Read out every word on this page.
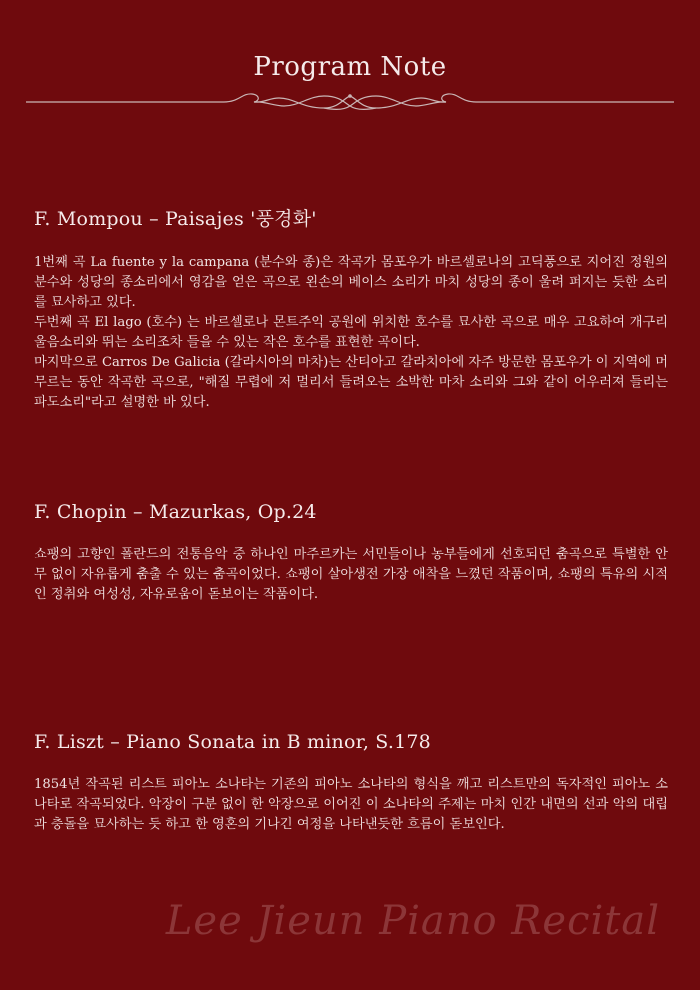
Program Note
F. Mompou – Paisajes '풍경화'

1번째 곡 La fuente y la campana (분수와 종)은 작곡가 몸포우가 바르셀로나의 고딕풍으로 지어진 정원의 분수와 성당의 종소리에서 영감을 얻은 곡으로 왼손의 베이스 소리가 마치 성당의 종이 울려 퍼지는 듯한 소리를 묘사하고 있다.

두번째 곡 El lago (호수) 는 바르셀로나 몬트주익 공원에 위치한 호수를 묘사한 곡으로 매우 고요하여 개구리울음소리와 뛰는 소리조차 들을 수 있는 작은 호수를 표현한 곡이다.

마지막으로 Carros De Galicia (갈라시아의 마차)는 산티아고 갈라치아에 자주 방문한 몸포우가 이 지역에 머무르는 동안 작곡한 곡으로, "해질 무렵에 저 멀리서 들려오는 소박한 마차 소리와 그와 같이 어우러져 들리는 파도소리"라고 설명한 바 있다.

F. Chopin – Mazurkas, Op.24

쇼팽의 고향인 폴란드의 전통음악 중 하나인 마주르카는 서민들이나 농부들에게 선호되던 춤곡으로 특별한 안무 없이 자유롭게 춤출 수 있는 춤곡이었다. 쇼팽이 살아생전 가장 애착을 느꼈던 작품이며, 쇼팽의 특유의 시적인 정취와 여성성, 자유로움이 돋보이는 작품이다.

F. Liszt – Piano Sonata in B minor, S.178

1854년 작곡된 리스트 피아노 소나타는 기존의 피아노 소나타의 형식을 깨고 리스트만의 독자적인 피아노 소나타로 작곡되었다. 악장이 구분 없이 한 악장으로 이어진 이 소나타의 주제는 마치 인간 내면의 선과 악의 대립과 충돌을 묘사하는 듯 하고 한 영혼의 기나긴 여정을 나타낸듯한 흐름이 돋보인다.

Lee Jieun Piano Recital
